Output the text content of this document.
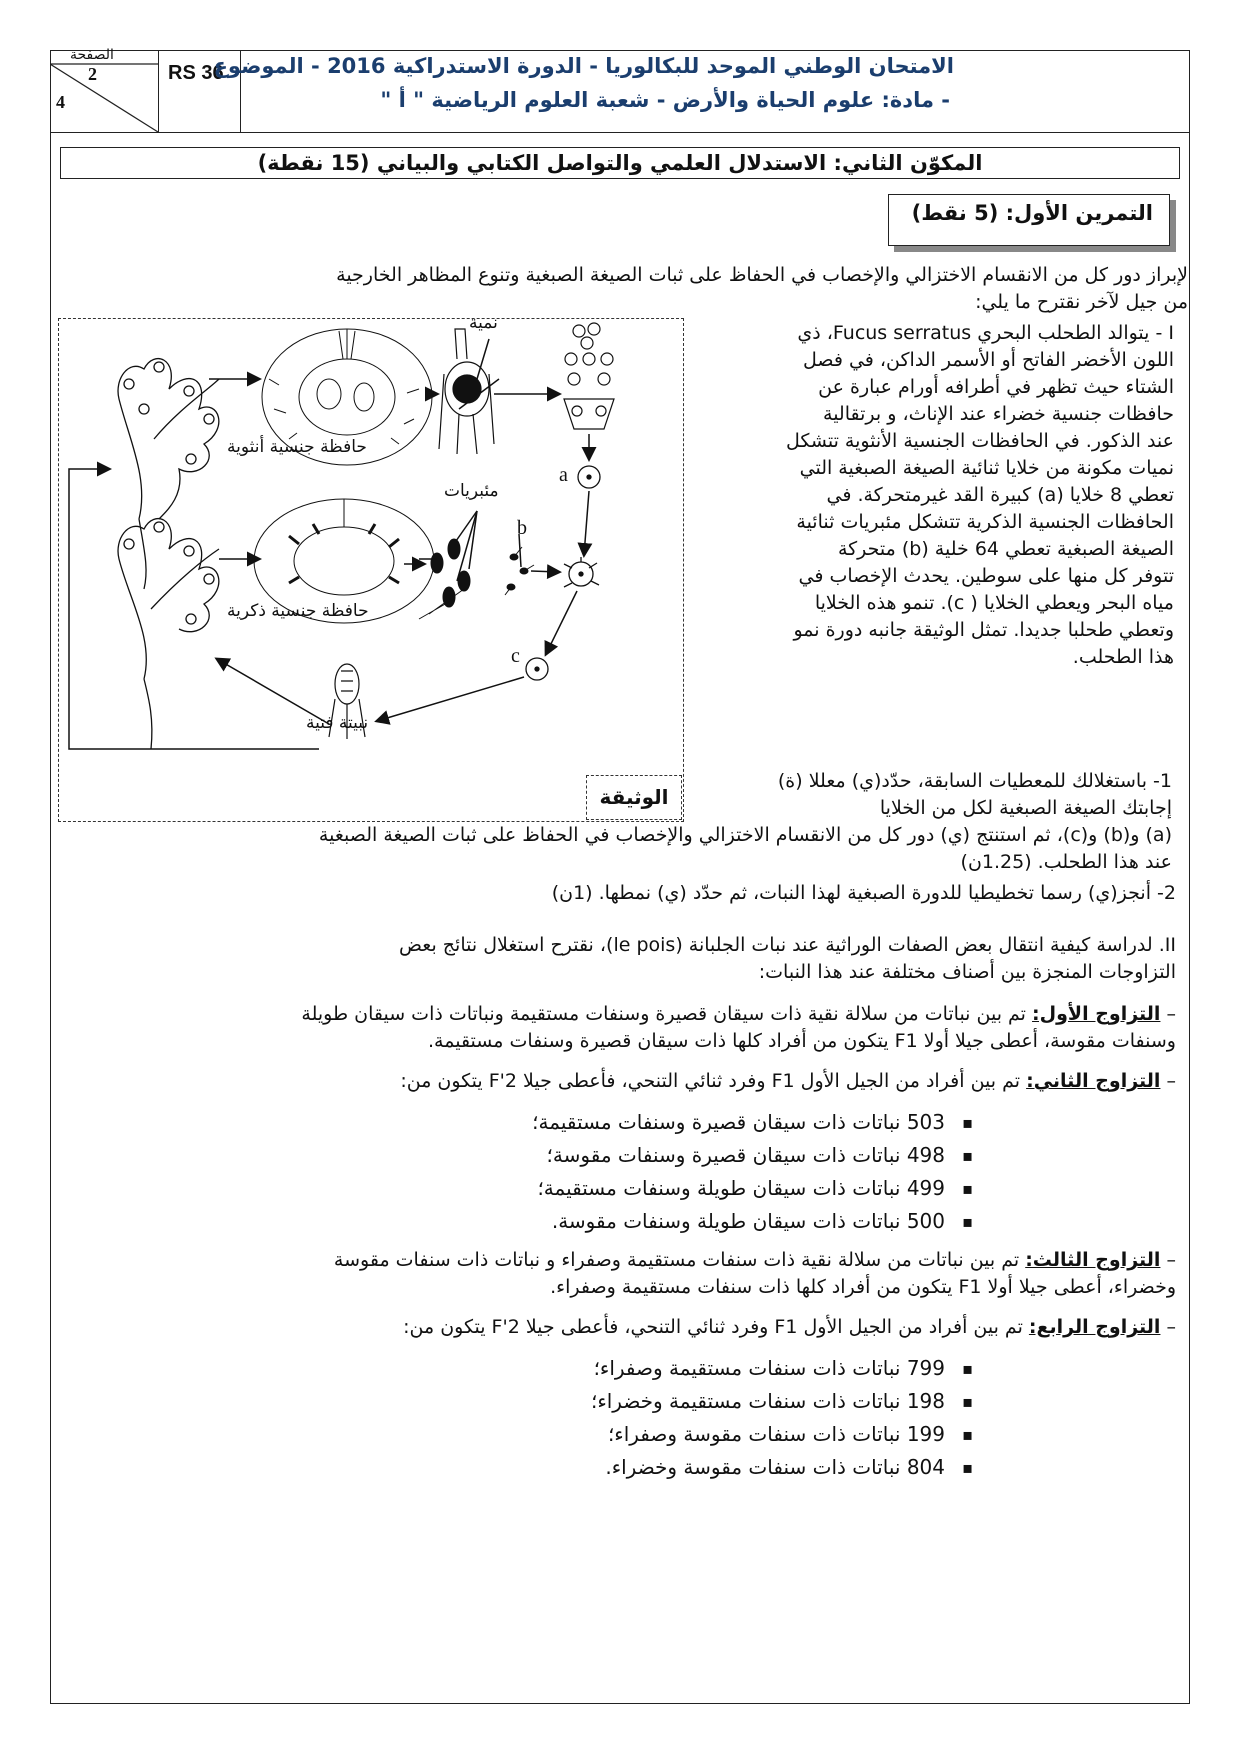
الصفحة
2
4
RS 36
الامتحان الوطني الموحد للبكالوريا - الدورة الاستدراكية 2016 - الموضوع
- مادة: علوم الحياة والأرض - شعبة العلوم الرياضية " أ "
المكوّن الثاني: الاستدلال العلمي والتواصل الكتابي والبياني (15 نقطة)
التمرين الأول: (5 نقط)
لإبراز دور كل من الانقسام الاختزالي والإخصاب في الحفاظ على ثبات الصيغة الصبغية وتنوع المظاهر الخارجية
من جيل لآخر نقترح ما يلي:
I - يتوالد الطحلب البحري Fucus serratus، ذي
اللون الأخضر الفاتح أو الأسمر الداكن، في فصل
الشتاء حيث تظهر في أطرافه أورام عبارة عن
حافظات جنسية خضراء عند الإناث، و برتقالية
عند الذكور. في الحافظات الجنسية الأنثوية تتشكل
نميات مكونة من خلايا ثنائية الصيغة الصبغية التي
تعطي 8 خلايا (a) كبيرة القد غيرمتحركة. في
الحافظات الجنسية الذكرية تتشكل مئبريات ثنائية
الصيغة الصبغية تعطي 64 خلية (b) متحركة
تتوفر كل منها على سوطين. يحدث الإخصاب في
مياه البحر ويعطي الخلايا ( c). تنمو هذه الخلايا
وتعطي طحلبا جديدا. تمثل الوثيقة جانبه دورة نمو
هذا الطحلب.
نمية
حافظة جنسية أنثوية
مئبريات
حافظة جنسية ذكرية
نبيتة فتية
a
b
c
الوثيقة
1- باستغلالك للمعطيات السابقة، حدّد(ي) معللا (ة)
إجابتك الصيغة الصبغية لكل من الخلايا
(a) و(b) و(c)، ثم استنتج (ي) دور كل من الانقسام الاختزالي والإخصاب في الحفاظ على ثبات الصيغة الصبغية
عند هذا الطحلب. (1.25ن)
2- أنجز(ي) رسما تخطيطيا للدورة الصبغية لهذا النبات، ثم حدّد (ي) نمطها. (1ن)
II. لدراسة كيفية انتقال بعض الصفات الوراثية عند نبات الجلبانة (le pois)، نقترح استغلال نتائج بعض
التزاوجات المنجزة بين أصناف مختلفة عند هذا النبات:
– التزاوج الأول: تم بين نباتات من سلالة نقية ذات سيقان قصيرة وسنفات مستقيمة ونباتات ذات سيقان طويلة
وسنفات مقوسة، أعطى جيلا أولا F1 يتكون من أفراد كلها ذات سيقان قصيرة وسنفات مستقيمة.
– التزاوج الثاني: تم بين أفراد من الجيل الأول F1 وفرد ثنائي التنحي، فأعطى جيلا F'2 يتكون من:
▪ 503 نباتات ذات سيقان قصيرة وسنفات مستقيمة؛
▪ 498 نباتات ذات سيقان قصيرة وسنفات مقوسة؛
▪ 499 نباتات ذات سيقان طويلة وسنفات مستقيمة؛
▪ 500 نباتات ذات سيقان طويلة وسنفات مقوسة.
– التزاوج الثالث: تم بين نباتات من سلالة نقية ذات سنفات مستقيمة وصفراء و نباتات ذات سنفات مقوسة
وخضراء، أعطى جيلا أولا F1 يتكون من أفراد كلها ذات سنفات مستقيمة وصفراء.
– التزاوج الرابع: تم بين أفراد من الجيل الأول F1 وفرد ثنائي التنحي، فأعطى جيلا F'2 يتكون من:
▪ 799 نباتات ذات سنفات مستقيمة وصفراء؛
▪ 198 نباتات ذات سنفات مستقيمة وخضراء؛
▪ 199 نباتات ذات سنفات مقوسة وصفراء؛
▪ 804 نباتات ذات سنفات مقوسة وخضراء.
